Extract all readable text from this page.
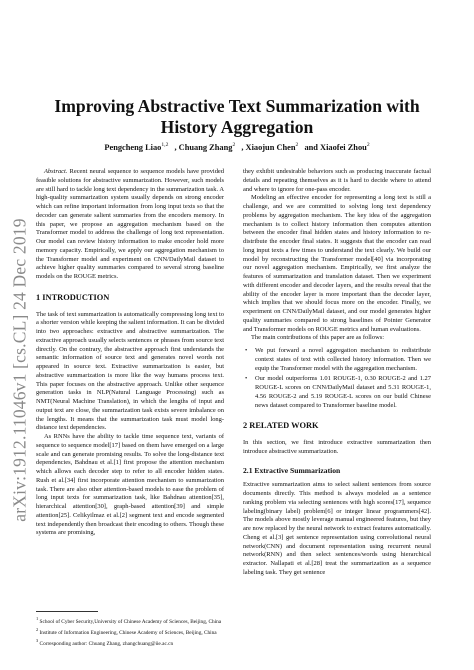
arXiv:1912.11046v1 [cs.CL] 24 Dec 2019
Improving Abstractive Text Summarization with History Aggregation
Pengcheng Liao$^{1,2}$ , Chuang Zhang$^2$ , Xiaojun Chen$^2$ and Xiaofei Zhou$^2$

Abstract. Recent neural sequence to sequence models have provided feasible solutions for abstractive summarization. However, such models are still hard to tackle long text dependency in the summarization task. A high-quality summarization system usually depends on strong encoder which can refine important information from long input texts so that the decoder can generate salient summaries from the encoders memory. In this paper, we propose an aggregation mechanism based on the Transformer model to address the challenge of long text representation. Our model can review history information to make encoder hold more memory capacity. Empirically, we apply our aggregation mechanism to the Transformer model and experiment on CNN/DailyMail dataset to achieve higher quality summaries compared to several strong baseline models on the ROUGE metrics.

1 INTRODUCTION

The task of text summarization is automatically compressing long text to a shorter version while keeping the salient information. It can be divided into two approaches: extractive and abstractive summarization. The extractive approach usually selects sentences or phrases from source text directly. On the contrary, the abstractive approach first understands the semantic information of source text and generates novel words not appeared in source text. Extractive summarization is easier, but abstractive summarization is more like the way humans process text. This paper focuses on the abstractive approach. Unlike other sequence generation tasks in NLP(Natural Language Processing) such as NMT(Neural Machine Translation), in which the lengths of input and output text are close, the summarization task exists severe imbalance on the lengths. It means that the summarization task must model long-distance text dependencies.

As RNNs have the ability to tackle time sequence text, variants of sequence to sequence model[17] based on them have emerged on a large scale and can generate promising results. To solve the long-distance text dependencies, Bahdnau et al.[1] first propose the attention mechanism which allows each decoder step to refer to all encoder hidden states. Rush et al.[34] first incorporate attention mechanism to summarization task. There are also other attention-based models to ease the problem of long input texts for summarization task, like Bahdnau attention[35], hierarchical attention[30], graph-based attention[39] and simple attention[25]. Celikyilmaz et al.[2] segment text and encode segmented text independently then broadcast their encoding to others. Though these systems are promising,

$^1$ School of Cyber Security,University of Chinese Academy of Sciences, Beijing, China
$^2$ Institute of Information Engineering, Chinese Academy of Sciences, Beijing, China
$^3$ Corresponding author: Chuang Zhang, zhangchuang@iie.ac.cn

they exhibit undesirable behaviors such as producing inaccurate factual details and repeating themselves as it is hard to decide where to attend and where to ignore for one-pass encoder.

Modeling an effective encoder for representing a long text is still a challenge, and we are committed to solving long text dependency problems by aggregation mechanism. The key idea of the aggregation mechanism is to collect history information then computes attention between the encoder final hidden states and history information to re-distribute the encoder final states. It suggests that the encoder can read long input texts a few times to understand the text clearly. We build our model by reconstructing the Transformer model[40] via incorporating our novel aggregation mechanism. Empirically, we first analyze the features of summarization and translation dataset. Then we experiment with different encoder and decoder layers, and the results reveal that the ability of the encoder layer is more important than the decoder layer, which implies that we should focus more on the encoder. Finally, we experiment on CNN/DailyMail dataset, and our model generates higher quality summaries compared to strong baselines of Pointer Generator and Transformer models on ROUGE metrics and human evaluations.

The main contributions of this paper are as follows:

• We put forward a novel aggregation mechanism to redistribute context states of text with collected history information. Then we equip the Transformer model with the aggregation mechanism.
• Our model outperforms 1.01 ROUGE-1, 0.30 ROUGE-2 and 1.27 ROUGE-L scores on CNN/DailyMail dataset and 5.31 ROUGE-1, 4.56 ROUGE-2 and 5.19 ROUGE-L scores on our build Chinese news dataset compared to Transformer baseline model.
2 RELATED WORK

In this section, we first introduce extractive summarization then introduce abstractive summarization.

2.1 Extractive Summarization

Extractive summarization aims to select salient sentences from source documents directly. This method is always modeled as a sentence ranking problem via selecting sentences with high scores[17], sequence labeling(binary label) problem[6] or integer linear programmers[42]. The models above mostly leverage manual engineered features, but they are now replaced by the neural network to extract features automatically. Cheng et al.[3] get sentence representation using convolutional neural network(CNN) and document representation using recurrent neural network(RNN) and then select sentences/words using hierarchical extractor. Nallapati et al.[28] treat the summarization as a sequence labeling task. They get sentence
